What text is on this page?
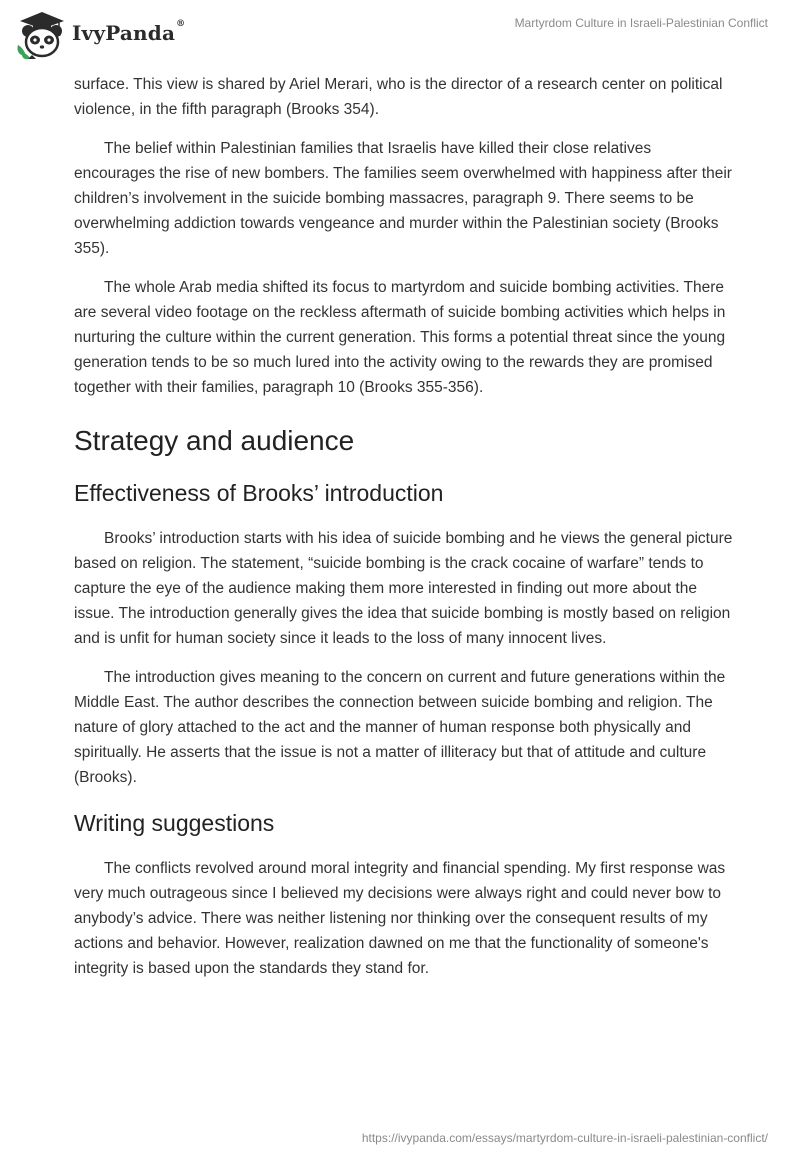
IvyPanda®	Martyrdom Culture in Israeli-Palestinian Conflict

surface. This view is shared by Ariel Merari, who is the director of a research center on political violence, in the fifth paragraph (Brooks 354).

The belief within Palestinian families that Israelis have killed their close relatives encourages the rise of new bombers. The families seem overwhelmed with happiness after their children’s involvement in the suicide bombing massacres, paragraph 9. There seems to be overwhelming addiction towards vengeance and murder within the Palestinian society (Brooks 355).

The whole Arab media shifted its focus to martyrdom and suicide bombing activities. There are several video footage on the reckless aftermath of suicide bombing activities which helps in nurturing the culture within the current generation. This forms a potential threat since the young generation tends to be so much lured into the activity owing to the rewards they are promised together with their families, paragraph 10 (Brooks 355-356).

Strategy and audience
Effectiveness of Brooks’ introduction

Brooks’ introduction starts with his idea of suicide bombing and he views the general picture based on religion. The statement, “suicide bombing is the crack cocaine of warfare” tends to capture the eye of the audience making them more interested in finding out more about the issue. The introduction generally gives the idea that suicide bombing is mostly based on religion and is unfit for human society since it leads to the loss of many innocent lives.

The introduction gives meaning to the concern on current and future generations within the Middle East. The author describes the connection between suicide bombing and religion. The nature of glory attached to the act and the manner of human response both physically and spiritually. He asserts that the issue is not a matter of illiteracy but that of attitude and culture (Brooks).

Writing suggestions

The conflicts revolved around moral integrity and financial spending. My first response was very much outrageous since I believed my decisions were always right and could never bow to anybody’s advice. There was neither listening nor thinking over the consequent results of my actions and behavior. However, realization dawned on me that the functionality of someone's integrity is based upon the standards they stand for.

https://ivypanda.com/essays/martyrdom-culture-in-israeli-palestinian-conflict/
